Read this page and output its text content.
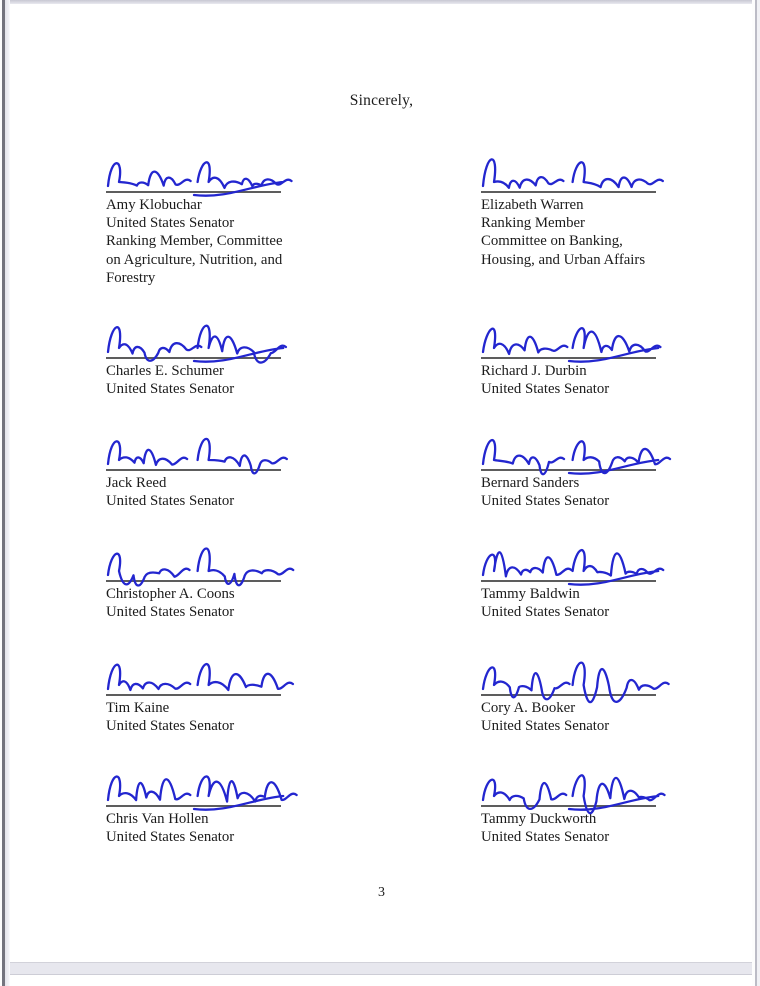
Sincerely,
Amy Klobuchar
United States Senator
Ranking Member, Committee
on Agriculture, Nutrition, and
Forestry
Elizabeth Warren
Ranking Member
Committee on Banking,
Housing, and Urban Affairs
Charles E. Schumer
United States Senator
Richard J. Durbin
United States Senator
Jack Reed
United States Senator
Bernard Sanders
United States Senator
Christopher A. Coons
United States Senator
Tammy Baldwin
United States Senator
Tim Kaine
United States Senator
Cory A. Booker
United States Senator
Chris Van Hollen
United States Senator
Tammy Duckworth
United States Senator
3
